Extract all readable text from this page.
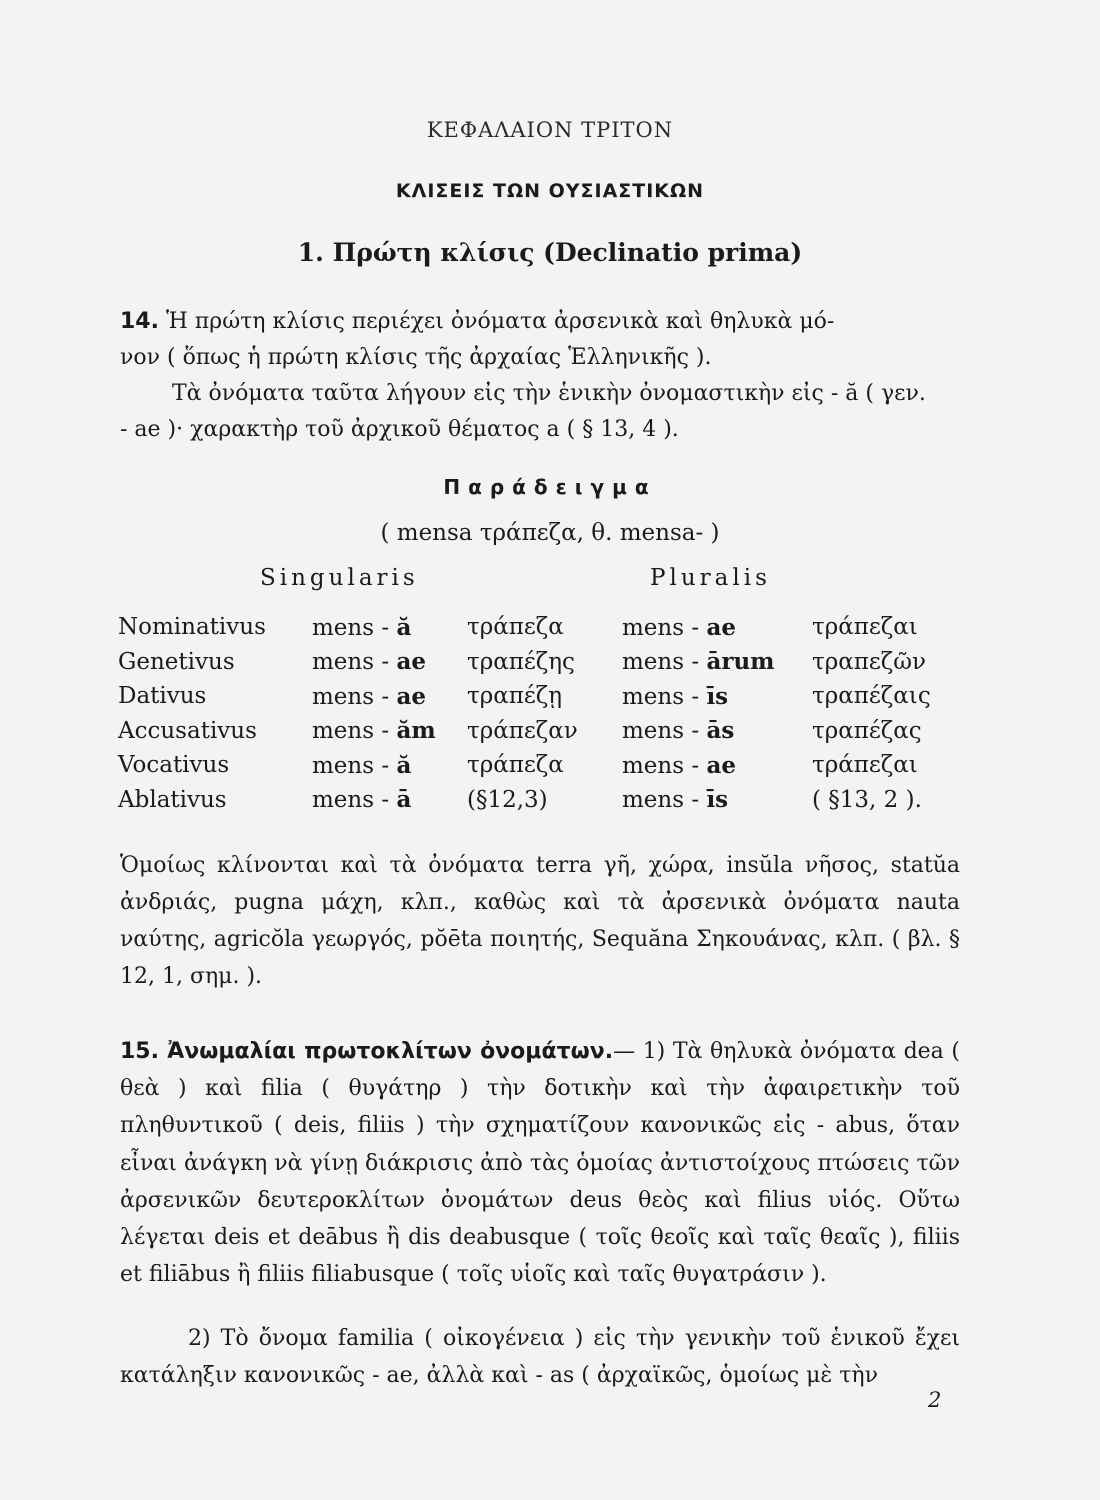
ΚΕΦΑΛΑΙΟΝ ΤΡΙΤΟΝ
ΚΛΙΣΕΙΣ ΤΩΝ ΟΥΣΙΑΣΤΙΚΩΝ
1. Πρώτη κλίσις (Declinatio prima)
14. Ἡ πρώτη κλίσις περιέχει ὀνόματα ἀρσενικὰ καὶ θηλυκὰ μό-
νον ( ὅπως ἡ πρώτη κλίσις τῆς ἀρχαίας Ἑλληνικῆς ).
Τὰ ὀνόματα ταῦτα λήγουν εἰς τὴν ἑνικὴν ὀνομαστικὴν εἰς - ă ( γεν.
- ae )· χαρακτὴρ τοῦ ἀρχικοῦ θέματος a ( § 13, 4 ).
Παράδειγμα
( mensa τράπεζα, θ. mensa- )
Singularis	Pluralis
Nominativus	mens - ă	τράπεζα	mens - ae	τράπεζαι
Genetivus	mens - ae	τραπέζης	mens - ārum	τραπεζῶν
Dativus	mens - ae	τραπέζῃ	mens - īs	τραπέζαις
Accusativus	mens - ăm	τράπεζαν	mens - ās	τραπέζας
Vocativus	mens - ă	τράπεζα	mens - ae	τράπεζαι
Ablativus	mens - ā	(§12,3)	mens - īs	( §13, 2 ).
Ὁμοίως κλίνονται καὶ τὰ ὀνόματα terra γῆ, χώρα, insŭla νῆσος, statŭa ἀνδριάς, pugna μάχη, κλπ., καθὼς καὶ τὰ ἀρσενικὰ ὀνόματα nauta ναύτης, agricŏla γεωργός, pŏēta ποιητής, Sequăna Σηκουάνας, κλπ. ( βλ. § 12, 1, σημ. ).
15. Ἀνωμαλίαι πρωτοκλίτων ὀνομάτων.— 1) Τὰ θηλυκὰ ὀνόματα dea ( θεὰ ) καὶ filia ( θυγάτηρ ) τὴν δοτικὴν καὶ τὴν ἀφαιρετικὴν τοῦ πληθυντικοῦ ( deis, filiis ) τὴν σχηματίζουν κανονικῶς εἰς - abus, ὅταν εἶναι ἀνάγκη νὰ γίνῃ διάκρισις ἀπὸ τὰς ὁμοίας ἀντιστοίχους πτώσεις τῶν ἀρσενικῶν δευτεροκλίτων ὀνομάτων deus θεὸς καὶ filius υἱός. Οὕτω λέγεται deis et deābus ἢ dis deabusque ( τοῖς θεοῖς καὶ ταῖς θεαῖς ), filiis et filiābus ἢ filiis filiabusque ( τοῖς υἱοῖς καὶ ταῖς θυγατράσιν ).
2) Τὸ ὄνομα familia ( οἰκογένεια ) εἰς τὴν γενικὴν τοῦ ἑνικοῦ ἔχει κατάληξιν κανονικῶς - ae, ἀλλὰ καὶ - as ( ἀρχαϊκῶς, ὁμοίως μὲ τὴν
2
